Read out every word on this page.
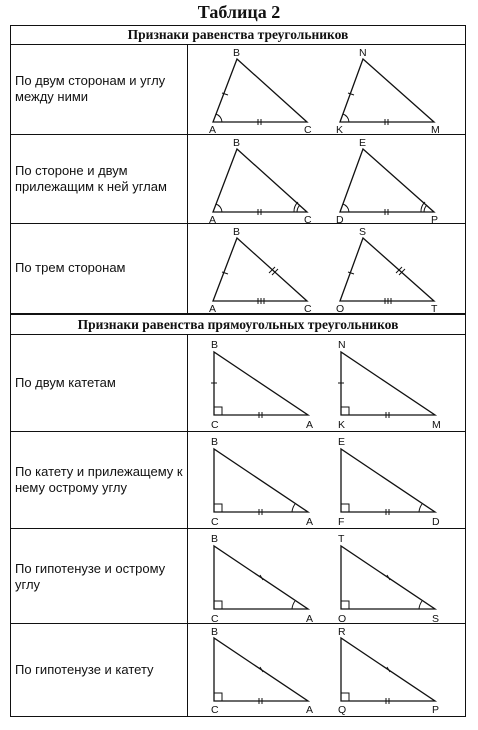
Таблица 2
Признаки равенства треугольников
По двум сторонам и углу между ними
B
A	C
N
K	M
По стороне и двум прилежащим к ней углам
B
A	C
E
D	P
По трем сторонам
B
A	C
S
O	T
Признаки равенства прямоугольных треугольников
По двум катетам
B
C	A
N
K	M
По катету и прилежащему к нему острому углу
B
C	A
E
F	D
По гипотенузе и острому углу
B
C	A
T
O	S
По гипотенузе и катету
B
C	A
R
Q	P
